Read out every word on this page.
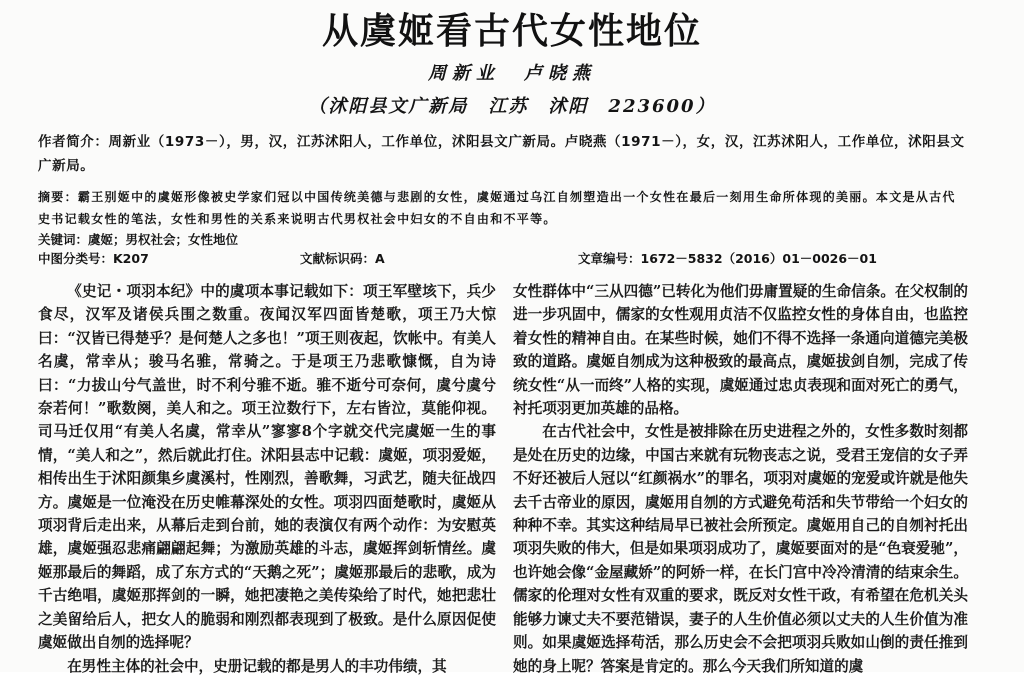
从虞姬看古代女性地位
周新业　卢晓燕
（沭阳县文广新局　江苏　沭阳　223600）
作者简介：周新业（1973－），男，汉，江苏沭阳人，工作单位，沭阳县文广新局。卢晓燕（1971－），女，汉，江苏沭阳人，工作单位，沭阳县文广新局。
摘要：霸王别姬中的虞姬形像被史学家们冠以中国传统美德与悲剧的女性，虞姬通过乌江自刎塑造出一个女性在最后一刻用生命所体现的美丽。本文是从古代史书记载女性的笔法，女性和男性的关系来说明古代男权社会中妇女的不自由和不平等。
关键词：虞姬；男权社会；女性地位
中图分类号：K207	文献标识码：A	文章编号：1672－5832（2016）01－0026－01

《史记・项羽本纪》中的虞项本事记载如下：项王军壁垓下，兵少食尽，汉军及诸侯兵围之数重。夜闻汉军四面皆楚歌，项王乃大惊曰：“汉皆已得楚乎？是何楚人之多也！”项王则夜起，饮帐中。有美人名虞，常幸从；骏马名骓，常骑之。于是项王乃悲歌慷慨，自为诗曰：“力拔山兮气盖世，时不利兮骓不逝。骓不逝兮可奈何，虞兮虞兮奈若何！”歌数阕，美人和之。项王泣数行下，左右皆泣，莫能仰视。司马迁仅用“有美人名虞，常幸从”寥寥8个字就交代完虞姬一生的事情，“美人和之”，然后就此打住。沭阳县志中记载：虞姬，项羽爱姬，相传出生于沭阳颜集乡虞溪村，性刚烈，善歌舞，习武艺，随夫征战四方。虞姬是一位淹没在历史帷幕深处的女性。项羽四面楚歌时，虞姬从项羽背后走出来，从幕后走到台前，她的表演仅有两个动作：为安慰英雄，虞姬强忍悲痛翩翩起舞；为激励英雄的斗志，虞姬挥剑斩情丝。虞姬那最后的舞蹈，成了东方式的“天鹅之死”；虞姬那最后的悲歌，成为千古绝唱，虞姬那挥剑的一瞬，她把凄艳之美传染给了时代，她把悲壮之美留给后人，把女人的脆弱和刚烈都表现到了极致。是什么原因促使虞姬做出自刎的选择呢？

在男性主体的社会中，史册记载的都是男人的丰功伟绩，其

女性群体中“三从四德”已转化为他们毋庸置疑的生命信条。在父权制的进一步巩固中，儒家的女性观用贞洁不仅监控女性的身体自由，也监控着女性的精神自由。在某些时候，她们不得不选择一条通向道德完美极致的道路。虞姬自刎成为这种极致的最高点，虞姬拔剑自刎，完成了传统女性“从一而终”人格的实现，虞姬通过忠贞表现和面对死亡的勇气，衬托项羽更加英雄的品格。

在古代社会中，女性是被排除在历史进程之外的，女性多数时刻都是处在历史的边缘，中国古来就有玩物丧志之说，受君王宠信的女子弄不好还被后人冠以“红颜祸水”的罪名，项羽对虞姬的宠爱或许就是他失去千古帝业的原因，虞姬用自刎的方式避免苟活和失节带给一个妇女的种种不幸。其实这种结局早已被社会所预定。虞姬用自己的自刎衬托出项羽失败的伟大，但是如果项羽成功了，虞姬要面对的是“色衰爱驰”，也许她会像“金屋藏娇”的阿娇一样，在长门宫中冷冷清清的结束余生。儒家的伦理对女性有双重的要求，既反对女性干政，有希望在危机关头能够力谏丈夫不要范错误，妻子的人生价值必须以丈夫的人生价值为准则。如果虞姬选择苟活，那么历史会不会把项羽兵败如山倒的责任推到她的身上呢？答案是肯定的。那么今天我们所知道的虞
